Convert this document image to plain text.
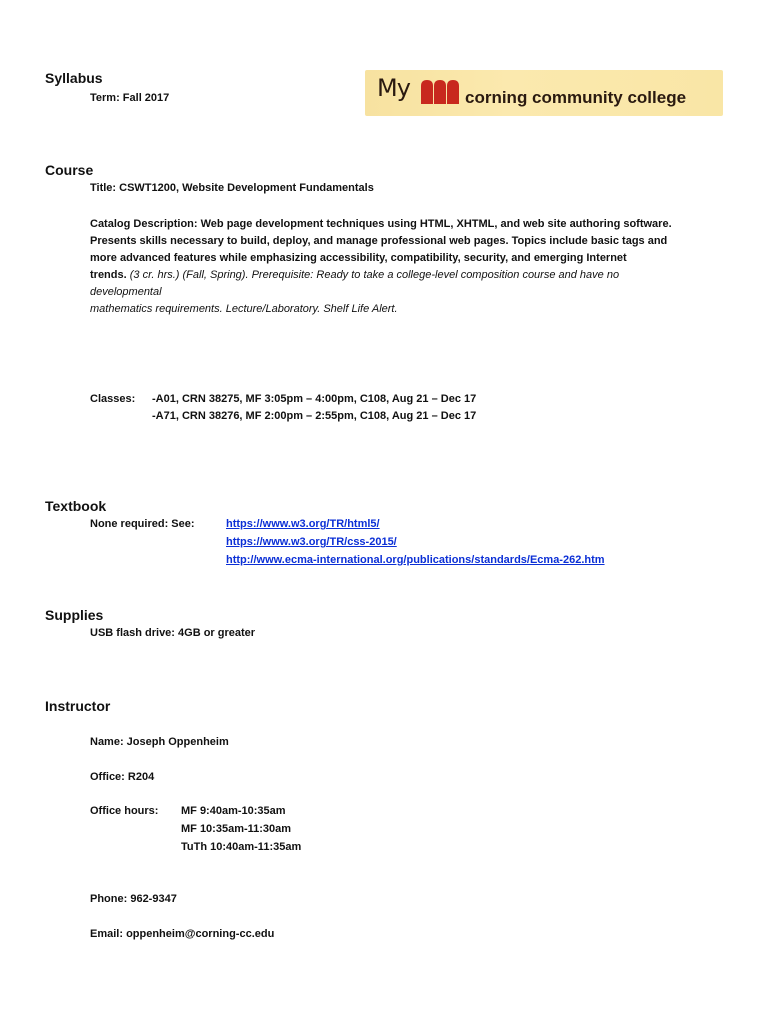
Syllabus
Term: Fall 2017	My	corning community college
Course
Title: CSWT1200, Website Development Fundamentals
Catalog Description: Web page development techniques using HTML, XHTML, and web site authoring software.
Presents skills necessary to build, deploy, and manage professional web pages. Topics include basic tags and
more advanced features while emphasizing accessibility, compatibility, security, and emerging Internet
trends. (3 cr. hrs.) (Fall, Spring). Prerequisite: Ready to take a college-level composition course and have no
developmental
mathematics requirements. Lecture/Laboratory. Shelf Life Alert.
Classes: -A01, CRN 38275, MF 3:05pm – 4:00pm, C108, Aug 21 – Dec 17
-A71, CRN 38276, MF 2:00pm – 2:55pm, C108, Aug 21 – Dec 17
Textbook
None required: See:	https://www.w3.org/TR/html5/
https://www.w3.org/TR/css-2015/
http://www.ecma-international.org/publications/standards/Ecma-262.htm
Supplies
USB flash drive: 4GB or greater
Instructor
Name: Joseph Oppenheim
Office: R204
Office hours: MF 9:40am-10:35am
MF 10:35am-11:30am
TuTh 10:40am-11:35am
Phone: 962-9347
Email: oppenheim@corning-cc.edu
